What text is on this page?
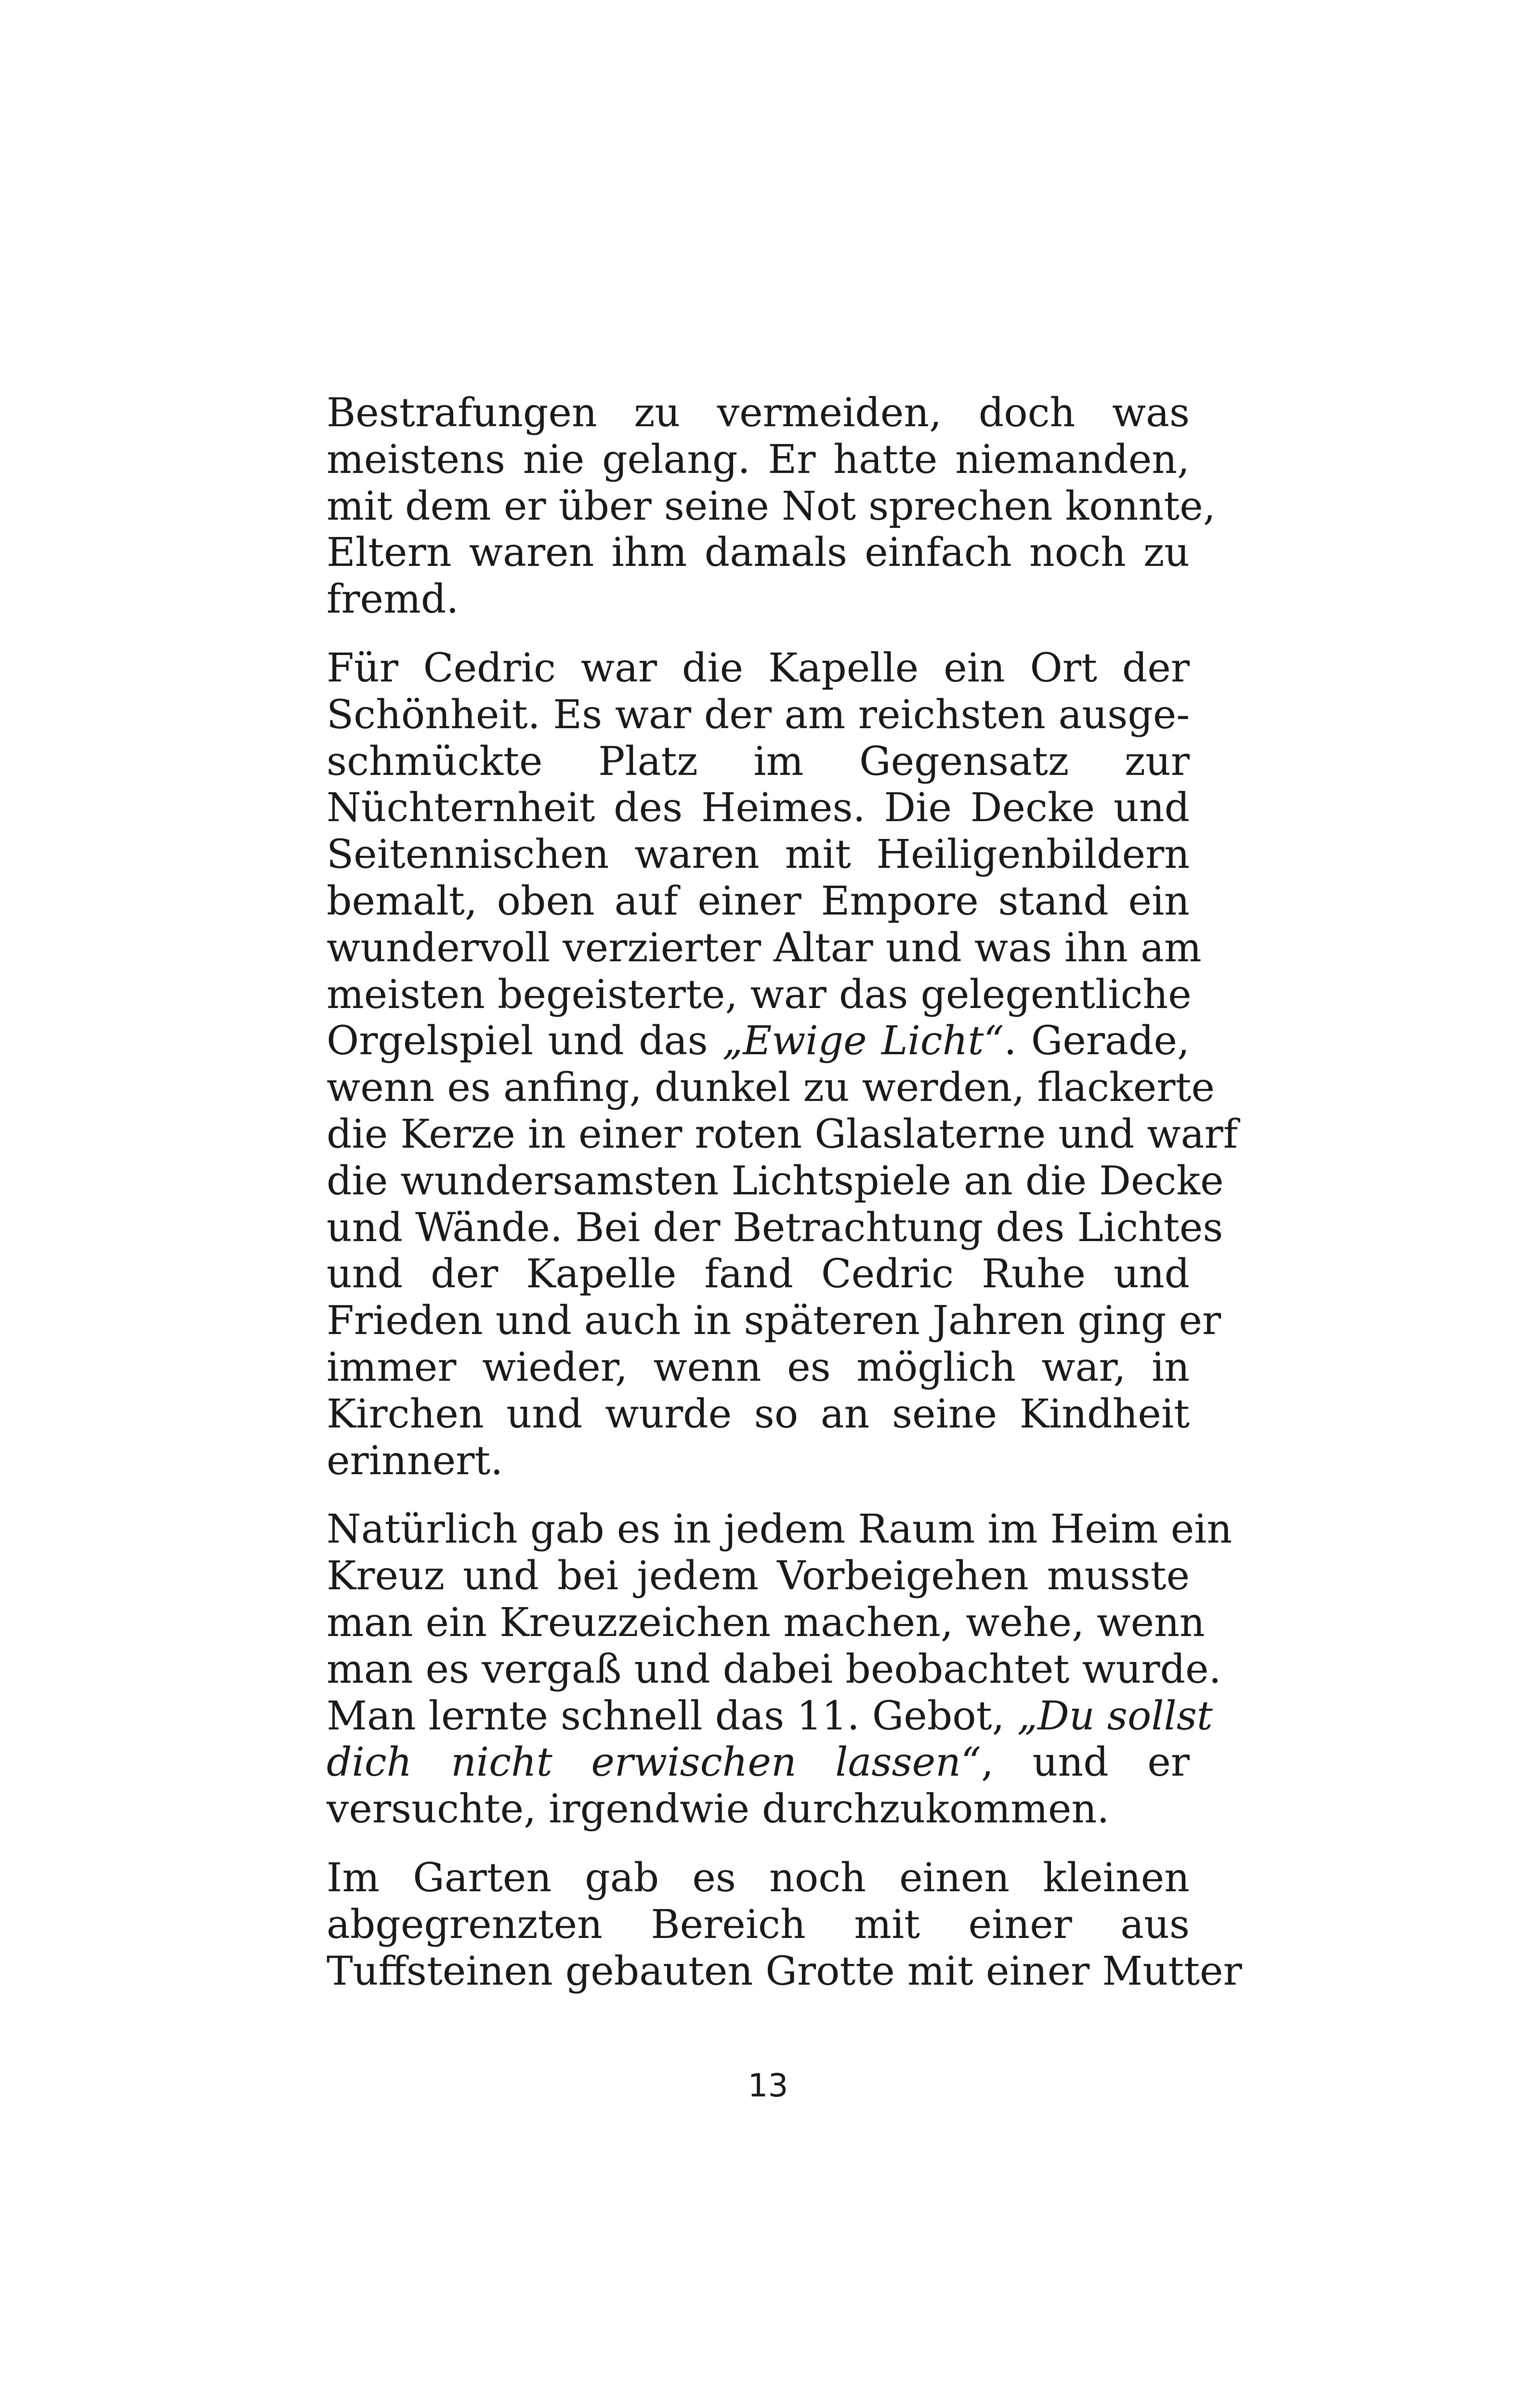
Bestrafungen zu vermeiden, doch was
meistens nie gelang. Er hatte niemanden,
mit dem er über seine Not sprechen konnte,
Eltern waren ihm damals einfach noch zu
fremd.

Für Cedric war die Kapelle ein Ort der
Schönheit. Es war der am reichsten ausge-
schmückte Platz im Gegensatz zur
Nüchternheit des Heimes. Die Decke und
Seitennischen waren mit Heiligenbildern
bemalt, oben auf einer Empore stand ein
wundervoll verzierter Altar und was ihn am
meisten begeisterte, war das gelegentliche
Orgelspiel und das „Ewige Licht“. Gerade,
wenn es anfing, dunkel zu werden, flackerte
die Kerze in einer roten Glaslaterne und warf
die wundersamsten Lichtspiele an die Decke
und Wände. Bei der Betrachtung des Lichtes
und der Kapelle fand Cedric Ruhe und
Frieden und auch in späteren Jahren ging er
immer wieder, wenn es möglich war, in
Kirchen und wurde so an seine Kindheit
erinnert.

Natürlich gab es in jedem Raum im Heim ein
Kreuz und bei jedem Vorbeigehen musste
man ein Kreuzzeichen machen, wehe, wenn
man es vergaß und dabei beobachtet wurde.
Man lernte schnell das 11. Gebot, „Du sollst
dich nicht erwischen lassen“, und er
versuchte, irgendwie durchzukommen.

Im Garten gab es noch einen kleinen
abgegrenzten Bereich mit einer aus
Tuffsteinen gebauten Grotte mit einer Mutter

13
